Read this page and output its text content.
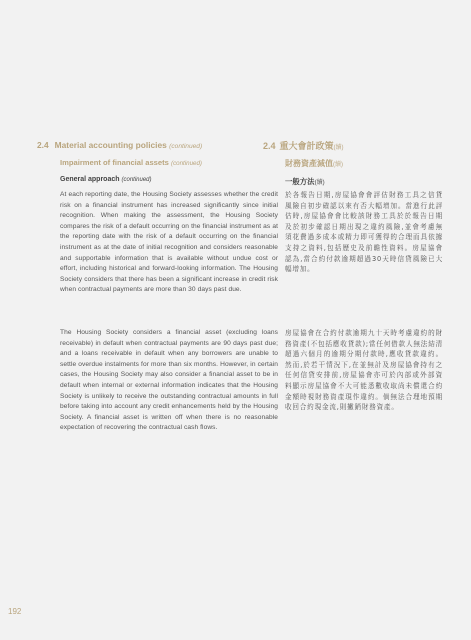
2.4 Material accounting policies (continued)
Impairment of financial assets (continued)
General approach (continued)
At each reporting date, the Housing Society assesses whether the credit risk on a financial instrument has increased significantly since initial recognition. When making the assessment, the Housing Society compares the risk of a default occurring on the financial instrument as at the reporting date with the risk of a default occurring on the financial instrument as at the date of initial recognition and considers reasonable and supportable information that is available without undue cost or effort, including historical and forward-looking information. The Housing Society considers that there has been a significant increase in credit risk when contractual payments are more than 30 days past due.
The Housing Society considers a financial asset (excluding loans receivable) in default when contractual payments are 90 days past due; and a loans receivable in default when any borrowers are unable to settle overdue instalments for more than six months. However, in certain cases, the Housing Society may also consider a financial asset to be in default when internal or external information indicates that the Housing Society is unlikely to receive the outstanding contractual amounts in full before taking into account any credit enhancements held by the Housing Society. A financial asset is written off when there is no reasonable expectation of recovering the contractual cash flows.
2.4 重大會計政策(續)
財務資產減值(續)
一般方法(續)
於各報告日期,房屋協會會評估財務工具之信貸風險自初步確認以來有否大幅增加。當進行此評估時,房屋協會會比較該財務工具於於報告日期及於初步確認日期出現之違約風險,並會考慮無須花費過多成本或精力即可獲得的合理而具依據支持之資料,包括歷史及前瞻性資料。房屋協會認為,當合約付款逾期超過30天時信貸風險已大幅增加。
房屋協會在合約付款逾期九十天時考慮違約的財務資產(不包括應收貸款);當任何借款人無法結清超過六個月的逾期分期付款時,應收貸款違約。然而,於若干情況下,在並無計及房屋協會持有之任何信貸安排前,房屋協會亦可於內部或外部資料顯示房屋協會不大可能悉數收取尚未償還合約金額時視財務資產現作違約。倘無法合理地預期收回合約現金流,則撇銷財務資產。
192
